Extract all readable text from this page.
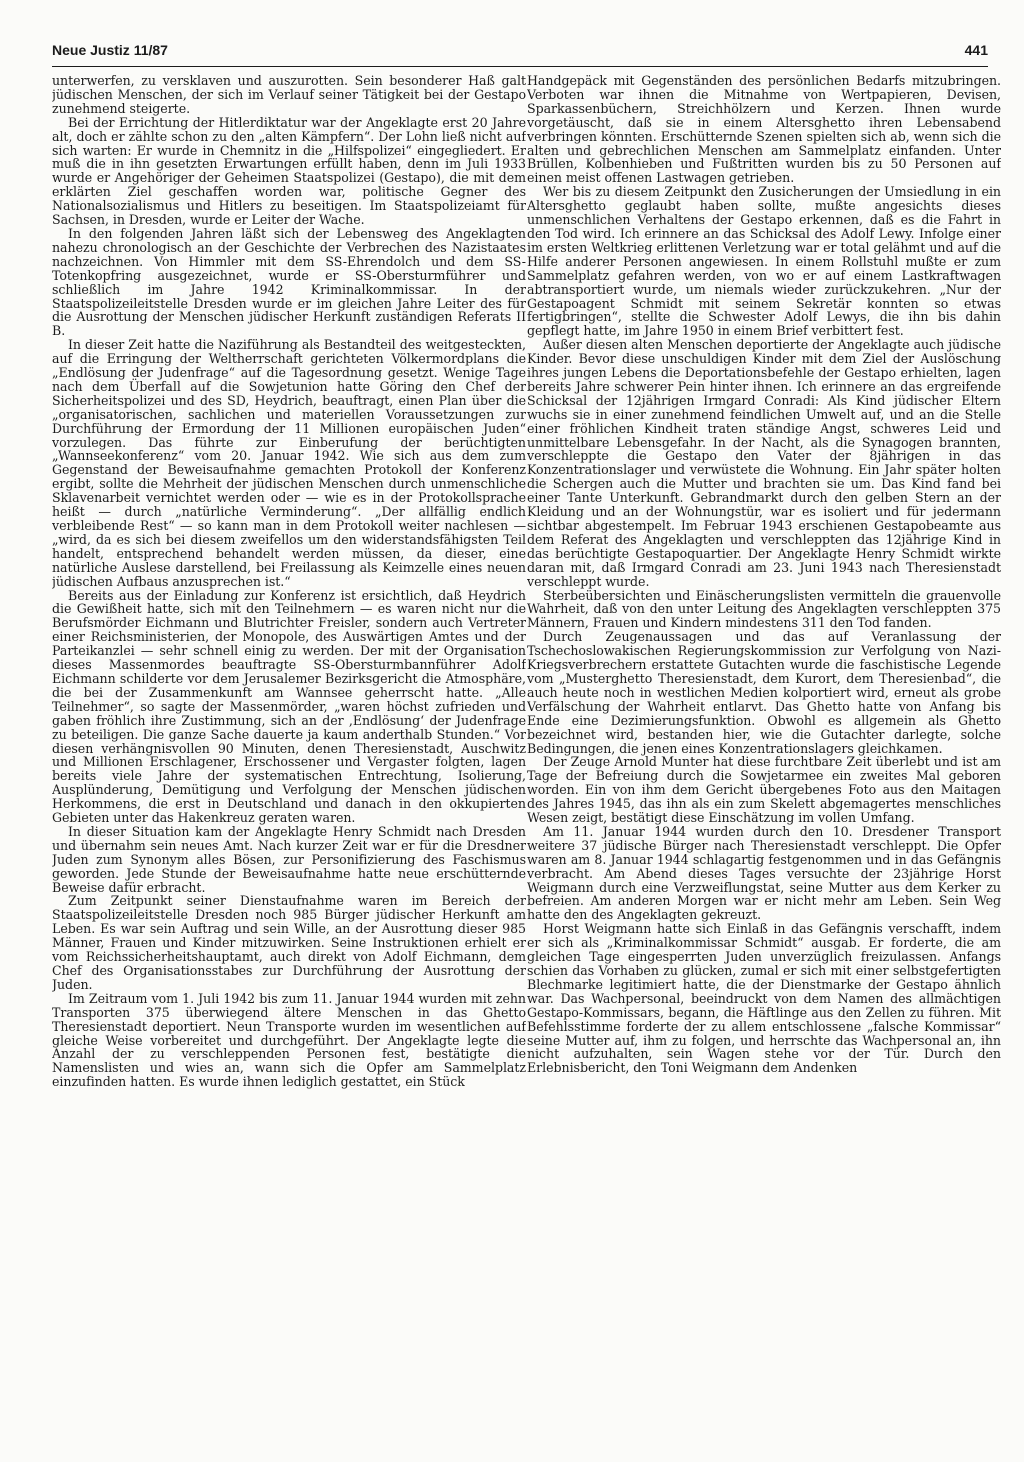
Neue Justiz 11/87	441

unterwerfen, zu versklaven und auszurotten. Sein besonderer Haß galt jüdischen Menschen, der sich im Verlauf seiner Tätigkeit bei der Gestapo zunehmend steigerte.

Bei der Errichtung der Hitlerdiktatur war der Angeklagte erst 20 Jahre alt, doch er zählte schon zu den „alten Kämpfern“. Der Lohn ließ nicht auf sich warten: Er wurde in Chemnitz in die „Hilfspolizei“ eingegliedert. Er muß die in ihn gesetzten Erwartungen erfüllt haben, denn im Juli 1933 wurde er Angehöriger der Geheimen Staatspolizei (Gestapo), die mit dem erklärten Ziel geschaffen worden war, politische Gegner des Nationalsozialismus und Hitlers zu beseitigen. Im Staatspolizeiamt für Sachsen, in Dresden, wurde er Leiter der Wache.

In den folgenden Jahren läßt sich der Lebensweg des Angeklagten nahezu chronologisch an der Geschichte der Verbrechen des Nazistaates nachzeichnen. Von Himmler mit dem SS-Ehrendolch und dem SS-Totenkopfring ausgezeichnet, wurde er SS-Obersturmführer und schließlich im Jahre 1942 Kriminalkommissar. In der Staatspolizeileitstelle Dresden wurde er im gleichen Jahre Leiter des für die Ausrottung der Menschen jüdischer Herkunft zuständigen Referats II B.

In dieser Zeit hatte die Naziführung als Bestandteil des weitgesteckten, auf die Erringung der Weltherrschaft gerichteten Völkermordplans die „Endlösung der Judenfrage“ auf die Tagesordnung gesetzt. Wenige Tage nach dem Überfall auf die Sowjetunion hatte Göring den Chef der Sicherheitspolizei und des SD, Heydrich, beauftragt, einen Plan über die „organisatorischen, sachlichen und materiellen Voraussetzungen zur Durchführung der Ermordung der 11 Millionen europäischen Juden“ vorzulegen. Das führte zur Einberufung der berüchtigten „Wannseekonferenz“ vom 20. Januar 1942. Wie sich aus dem zum Gegenstand der Beweisaufnahme gemachten Protokoll der Konferenz ergibt, sollte die Mehrheit der jüdischen Menschen durch unmenschliche Sklavenarbeit vernichtet werden oder — wie es in der Protokollsprache heißt — durch „natürliche Verminderung“. „Der allfällig endlich verbleibende Rest“ — so kann man in dem Protokoll weiter nachlesen — „wird, da es sich bei diesem zweifellos um den widerstandsfähigsten Teil handelt, entsprechend behandelt werden müssen, da dieser, eine natürliche Auslese darstellend, bei Freilassung als Keimzelle eines neuen jüdischen Aufbaus anzusprechen ist.“

Bereits aus der Einladung zur Konferenz ist ersichtlich, daß Heydrich die Gewißheit hatte, sich mit den Teilnehmern — es waren nicht nur die Berufsmörder Eichmann und Blutrichter Freisler, sondern auch Vertreter einer Reichsministerien, der Monopole, des Auswärtigen Amtes und der Parteikanzlei — sehr schnell einig zu werden. Der mit der Organisation dieses Massenmordes beauftragte SS-Obersturmbannführer Adolf Eichmann schilderte vor dem Jerusalemer Bezirksgericht die Atmosphäre, die bei der Zusammenkunft am Wannsee geherrscht hatte. „Alle Teilnehmer“, so sagte der Massenmörder, „waren höchst zufrieden und gaben fröhlich ihre Zustimmung, sich an der ,Endlösung‘ der Judenfrage zu beteiligen. Die ganze Sache dauerte ja kaum anderthalb Stunden.“ Vor diesen verhängnisvollen 90 Minuten, denen Theresienstadt, Auschwitz und Millionen Erschlagener, Erschossener und Vergaster folgten, lagen bereits viele Jahre der systematischen Entrechtung, Isolierung, Ausplünderung, Demütigung und Verfolgung der Menschen jüdischen Herkommens, die erst in Deutschland und danach in den okkupierten Gebieten unter das Hakenkreuz geraten waren.

In dieser Situation kam der Angeklagte Henry Schmidt nach Dresden und übernahm sein neues Amt. Nach kurzer Zeit war er für die Dresdner Juden zum Synonym alles Bösen, zur Personifizierung des Faschismus geworden. Jede Stunde der Beweisaufnahme hatte neue erschütternde Beweise dafür erbracht.

Zum Zeitpunkt seiner Dienstaufnahme waren im Bereich der Staatspolizeileitstelle Dresden noch 985 Bürger jüdischer Herkunft am Leben. Es war sein Auftrag und sein Wille, an der Ausrottung dieser 985 Männer, Frauen und Kinder mitzuwirken. Seine Instruktionen erhielt er vom Reichssicherheitshauptamt, auch direkt von Adolf Eichmann, dem Chef des Organisationsstabes zur Durchführung der Ausrottung der Juden.

Im Zeitraum vom 1. Juli 1942 bis zum 11. Januar 1944 wurden mit zehn Transporten 375 überwiegend ältere Menschen in das Ghetto Theresienstadt deportiert. Neun Transporte wurden im wesentlichen auf gleiche Weise vorbereitet und durchgeführt. Der Angeklagte legte die Anzahl der zu verschleppenden Personen fest, bestätigte die Namenslisten und wies an, wann sich die Opfer am Sammelplatz einzufinden hatten. Es wurde ihnen lediglich gestattet, ein Stück

Handgepäck mit Gegenständen des persönlichen Bedarfs mitzubringen. Verboten war ihnen die Mitnahme von Wertpapieren, Devisen, Sparkassenbüchern, Streichhölzern und Kerzen. Ihnen wurde vorgetäuscht, daß sie in einem Altersghetto ihren Lebensabend verbringen könnten. Erschütternde Szenen spielten sich ab, wenn sich die alten und gebrechlichen Menschen am Sammelplatz einfanden. Unter Brüllen, Kolbenhieben und Fußtritten wurden bis zu 50 Personen auf einen meist offenen Lastwagen getrieben.

Wer bis zu diesem Zeitpunkt den Zusicherungen der Umsiedlung in ein Altersghetto geglaubt haben sollte, mußte angesichts dieses unmenschlichen Verhaltens der Gestapo erkennen, daß es die Fahrt in den Tod wird. Ich erinnere an das Schicksal des Adolf Lewy. Infolge einer im ersten Weltkrieg erlittenen Verletzung war er total gelähmt und auf die Hilfe anderer Personen angewiesen. In einem Rollstuhl mußte er zum Sammelplatz gefahren werden, von wo er auf einem Lastkraftwagen abtransportiert wurde, um niemals wieder zurückzukehren. „Nur der Gestapoagent Schmidt mit seinem Sekretär konnten so etwas fertigbringen“, stellte die Schwester Adolf Lewys, die ihn bis dahin gepflegt hatte, im Jahre 1950 in einem Brief verbittert fest.

Außer diesen alten Menschen deportierte der Angeklagte auch jüdische Kinder. Bevor diese unschuldigen Kinder mit dem Ziel der Auslöschung ihres jungen Lebens die Deportationsbefehle der Gestapo erhielten, lagen bereits Jahre schwerer Pein hinter ihnen. Ich erinnere an das ergreifende Schicksal der 12jährigen Irmgard Conradi: Als Kind jüdischer Eltern wuchs sie in einer zunehmend feindlichen Umwelt auf, und an die Stelle einer fröhlichen Kindheit traten ständige Angst, schweres Leid und unmittelbare Lebensgefahr. In der Nacht, als die Synagogen brannten, verschleppte die Gestapo den Vater der 8jährigen in das Konzentrationslager und verwüstete die Wohnung. Ein Jahr später holten die Schergen auch die Mutter und brachten sie um. Das Kind fand bei einer Tante Unterkunft. Gebrandmarkt durch den gelben Stern an der Kleidung und an der Wohnungstür, war es isoliert und für jedermann sichtbar abgestempelt. Im Februar 1943 erschienen Gestapobeamte aus dem Referat des Angeklagten und verschleppten das 12jährige Kind in das berüchtigte Gestapoquartier. Der Angeklagte Henry Schmidt wirkte daran mit, daß Irmgard Conradi am 23. Juni 1943 nach Theresienstadt verschleppt wurde.

Sterbeübersichten und Einäscherungslisten vermitteln die grauenvolle Wahrheit, daß von den unter Leitung des Angeklagten verschleppten 375 Männern, Frauen und Kindern mindestens 311 den Tod fanden.

Durch Zeugenaussagen und das auf Veranlassung der Tschechoslowakischen Regierungskommission zur Verfolgung von Nazi-Kriegsverbrechern erstattete Gutachten wurde die faschistische Legende vom „Musterghetto Theresienstadt, dem Kurort, dem Theresienbad“, die auch heute noch in westlichen Medien kolportiert wird, erneut als grobe Verfälschung der Wahrheit entlarvt. Das Ghetto hatte von Anfang bis Ende eine Dezimierungsfunktion. Obwohl es allgemein als Ghetto bezeichnet wird, bestanden hier, wie die Gutachter darlegte, solche Bedingungen, die jenen eines Konzentrationslagers gleichkamen.

Der Zeuge Arnold Munter hat diese furchtbare Zeit überlebt und ist am Tage der Befreiung durch die Sowjetarmee ein zweites Mal geboren worden. Ein von ihm dem Gericht übergebenes Foto aus den Maitagen des Jahres 1945, das ihn als ein zum Skelett abgemagertes menschliches Wesen zeigt, bestätigt diese Einschätzung im vollen Umfang.

Am 11. Januar 1944 wurden durch den 10. Dresdener Transport weitere 37 jüdische Bürger nach Theresienstadt verschleppt. Die Opfer waren am 8. Januar 1944 schlagartig festgenommen und in das Gefängnis verbracht. Am Abend dieses Tages versuchte der 23jährige Horst Weigmann durch eine Verzweiflungstat, seine Mutter aus dem Kerker zu befreien. Am anderen Morgen war er nicht mehr am Leben. Sein Weg hatte den des Angeklagten gekreuzt.

Horst Weigmann hatte sich Einlaß in das Gefängnis verschafft, indem er sich als „Kriminalkommissar Schmidt“ ausgab. Er forderte, die am gleichen Tage eingesperrten Juden unverzüglich freizulassen. Anfangs schien das Vorhaben zu glücken, zumal er sich mit einer selbstgefertigten Blechmarke legitimiert hatte, die der Dienstmarke der Gestapo ähnlich war. Das Wachpersonal, beeindruckt von dem Namen des allmächtigen Gestapo-Kommissars, begann, die Häftlinge aus den Zellen zu führen. Mit Befehlsstimme forderte der zu allem entschlossene „falsche Kommissar“ seine Mutter auf, ihm zu folgen, und herrschte das Wachpersonal an, ihn nicht aufzuhalten, sein Wagen stehe vor der Tür. Durch den Erlebnisbericht, den Toni Weigmann dem Andenken
